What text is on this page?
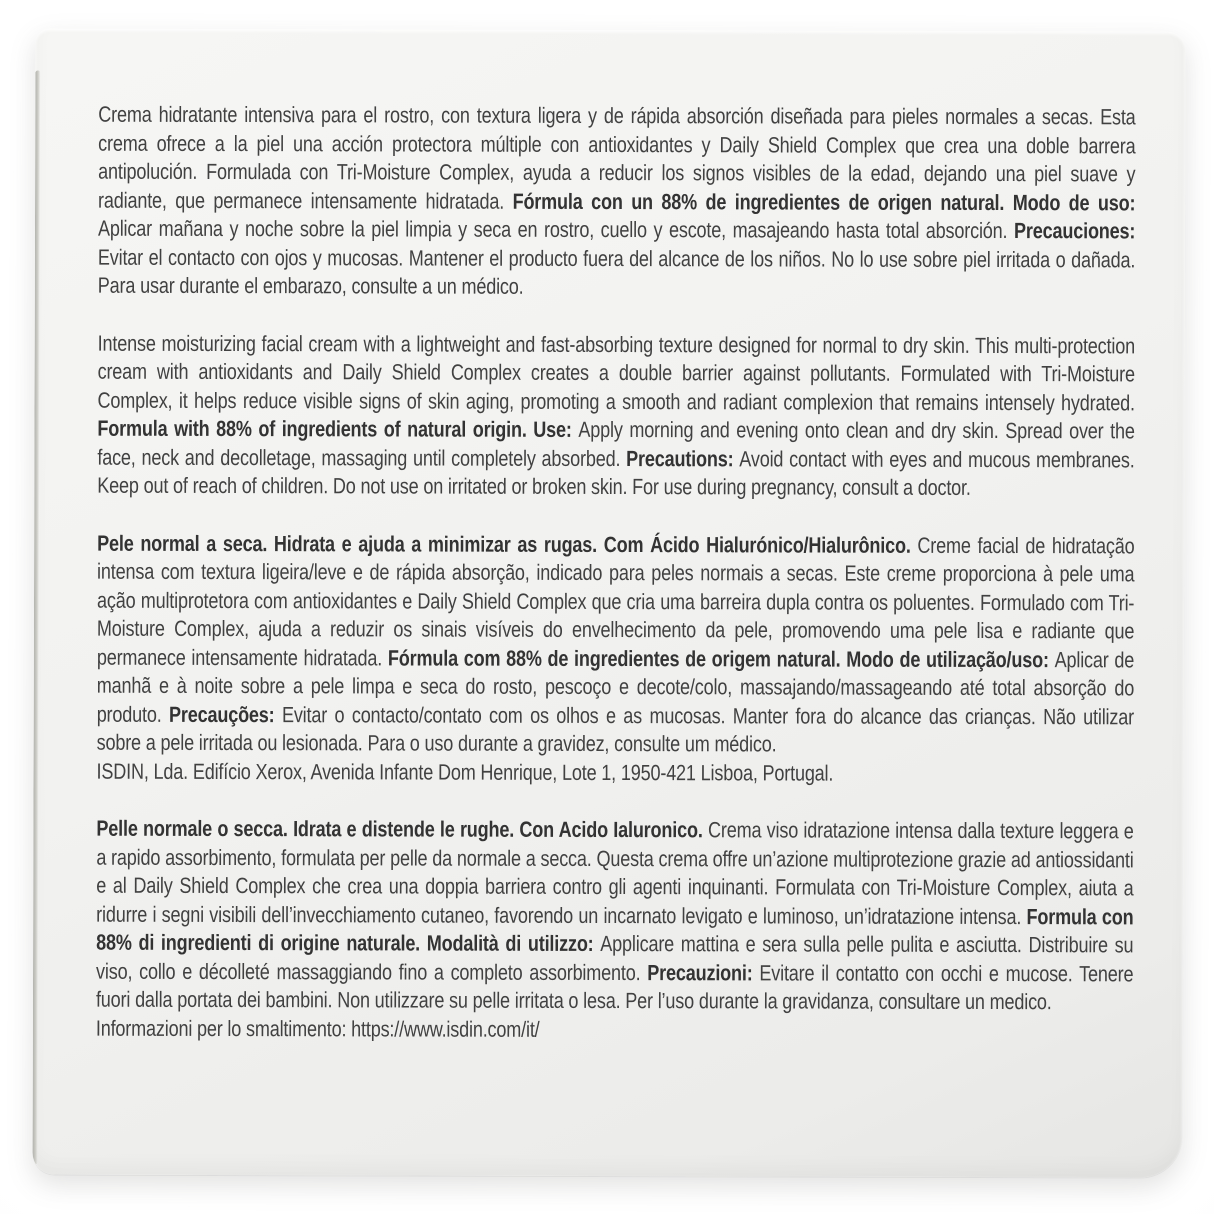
Crema hidratante intensiva para el rostro, con textura ligera y de rápida absorción diseñada para pieles normales a secas. Esta crema ofrece a la piel una acción protectora múltiple con antioxidantes y Daily Shield Complex que crea una doble barrera antipolución. Formulada con Tri-Moisture Complex, ayuda a reducir los signos visibles de la edad, dejando una piel suave y radiante, que permanece intensamente hidratada. Fórmula con un 88% de ingredientes de origen natural. Modo de uso: Aplicar mañana y noche sobre la piel limpia y seca en rostro, cuello y escote, masajeando hasta total absorción. Precauciones: Evitar el contacto con ojos y mucosas. Mantener el producto fuera del alcance de los niños. No lo use sobre piel irritada o dañada. Para usar durante el embarazo, consulte a un médico.

Intense moisturizing facial cream with a lightweight and fast-absorbing texture designed for normal to dry skin. This multi-protection cream with antioxidants and Daily Shield Complex creates a double barrier against pollutants. Formulated with Tri-Moisture Complex, it helps reduce visible signs of skin aging, promoting a smooth and radiant complexion that remains intensely hydrated. Formula with 88% of ingredients of natural origin. Use: Apply morning and evening onto clean and dry skin. Spread over the face, neck and decolletage, massaging until completely absorbed. Precautions: Avoid contact with eyes and mucous membranes. Keep out of reach of children. Do not use on irritated or broken skin. For use during pregnancy, consult a doctor.

Pele normal a seca. Hidrata e ajuda a minimizar as rugas. Com Ácido Hialurónico/Hialurônico. Creme facial de hidratação intensa com textura ligeira/leve e de rápida absorção, indicado para peles normais a secas. Este creme proporciona à pele uma ação multiprotetora com antioxidantes e Daily Shield Complex que cria uma barreira dupla contra os poluentes. Formulado com Tri-Moisture Complex, ajuda a reduzir os sinais visíveis do envelhecimento da pele, promovendo uma pele lisa e radiante que permanece intensamente hidratada. Fórmula com 88% de ingredientes de origem natural. Modo de utilização/uso: Aplicar de manhã e à noite sobre a pele limpa e seca do rosto, pescoço e decote/colo, massajando/massageando até total absorção do produto. Precauções: Evitar o contacto/contato com os olhos e as mucosas. Manter fora do alcance das crianças. Não utilizar sobre a pele irritada ou lesionada. Para o uso durante a gravidez, consulte um médico.

ISDIN, Lda. Edifício Xerox, Avenida Infante Dom Henrique, Lote 1, 1950-421 Lisboa, Portugal.

Pelle normale o secca. Idrata e distende le rughe. Con Acido Ialuronico. Crema viso idratazione intensa dalla texture leggera e a rapido assorbimento, formulata per pelle da normale a secca. Questa crema offre un’azione multiprotezione grazie ad antiossidanti e al Daily Shield Complex che crea una doppia barriera contro gli agenti inquinanti. Formulata con Tri-Moisture Complex, aiuta a ridurre i segni visibili dell’invecchiamento cutaneo, favorendo un incarnato levigato e luminoso, un’idratazione intensa. Formula con 88% di ingredienti di origine naturale. Modalità di utilizzo: Applicare mattina e sera sulla pelle pulita e asciutta. Distribuire su viso, collo e décolleté massaggiando fino a completo assorbimento. Precauzioni: Evitare il contatto con occhi e mucose. Tenere fuori dalla portata dei bambini. Non utilizzare su pelle irritata o lesa. Per l’uso durante la gravidanza, consultare un medico.

Informazioni per lo smaltimento: https://www.isdin.com/it/
